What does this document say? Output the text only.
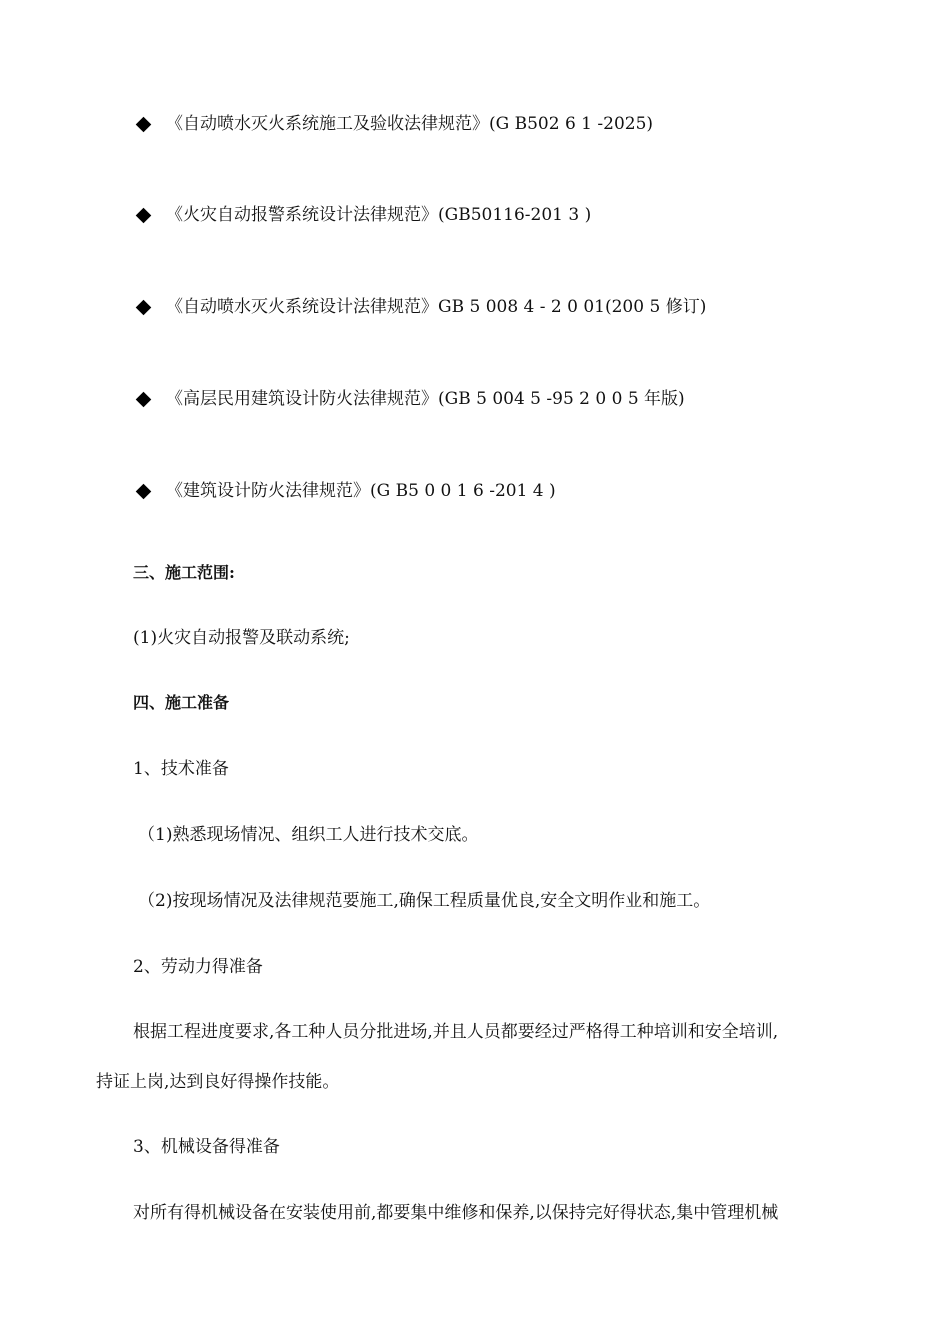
《自动喷水灭火系统施工及验收法律规范》(G B502 6 1 -2025)
《火灾自动报警系统设计法律规范》(GB50116-201 3 )
《自动喷水灭火系统设计法律规范》GB 5 008 4 - 2 0 01(200 5 修订)
《高层民用建筑设计防火法律规范》(GB 5 004 5 -95 2 0 0 5 年版)
《建筑设计防火法律规范》(G B5 0 0 1 6 -201 4 )
三、施工范围:
(1)火灾自动报警及联动系统;
四、施工准备
1、技术准备
（1)熟悉现场情况、组织工人进行技术交底。
（2)按现场情况及法律规范要施工,确保工程质量优良,安全文明作业和施工。
2、劳动力得准备
根据工程进度要求,各工种人员分批进场,并且人员都要经过严格得工种培训和安全培训,
持证上岗,达到良好得操作技能。
3、机械设备得准备
对所有得机械设备在安装使用前,都要集中维修和保养,以保持完好得状态,集中管理机械
